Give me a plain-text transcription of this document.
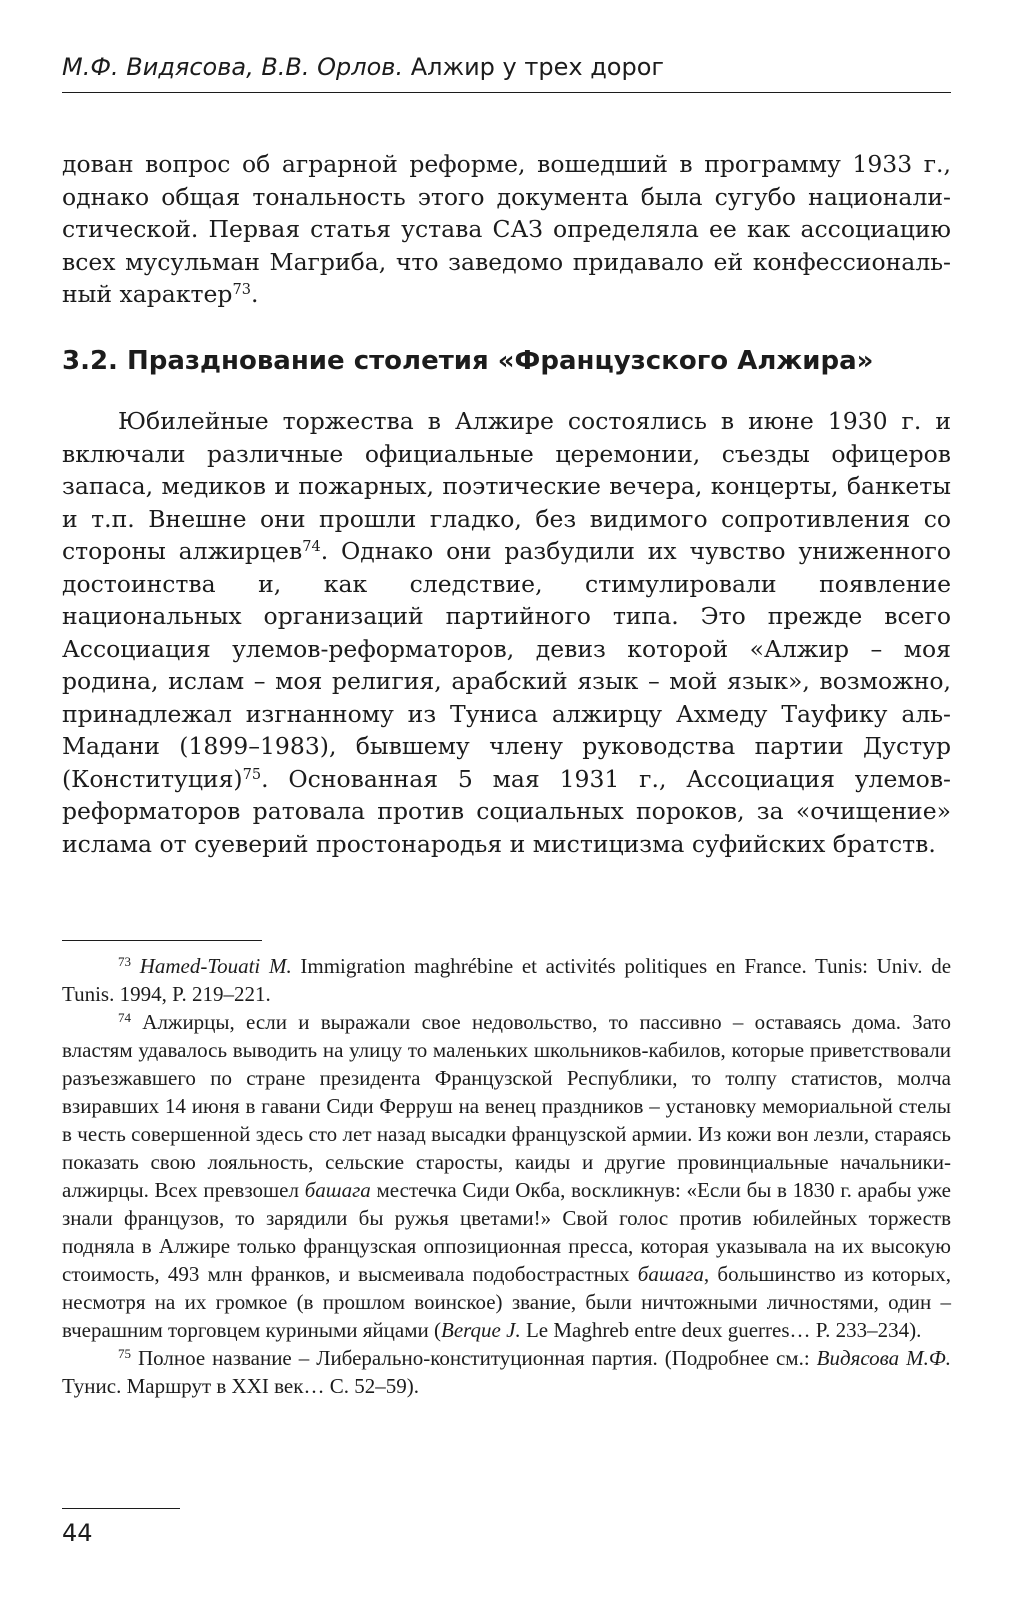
М.Ф. Видясова, В.В. Орлов. Алжир у трех дорог

дован вопрос об аграрной реформе, вошедший в программу 1933 г., однако общая тональность этого документа была сугубо националистической. Первая статья устава САЗ определяла ее как ассоциацию всех мусульман Магриба, что заведомо придавало ей конфессиональный характер$^{73}$.

3.2. Празднование столетия «Французского Алжира»

Юбилейные торжества в Алжире состоялись в июне 1930 г. и включали различные официальные церемонии, съезды офицеров запаса, медиков и пожарных, поэтические вечера, концерты, банкеты и т.п. Внешне они прошли гладко, без видимого сопротивления со стороны алжирцев$^{74}$. Однако они разбудили их чувство униженного достоинства и, как следствие, стимулировали появление национальных организаций партийного типа. Это прежде всего Ассоциация улемов-реформаторов, девиз которой «Алжир – моя родина, ислам – моя религия, арабский язык – мой язык», возможно, принадлежал изгнанному из Туниса алжирцу Ахмеду Тауфику аль-Мадани (1899–1983), бывшему члену руководства партии Дустур (Конституция)$^{75}$. Основанная 5 мая 1931 г., Ассоциация улемов-реформаторов ратовала против социальных пороков, за «очищение» ислама от суеверий простонародья и мистицизма суфийских братств.

$^{73}$ Hamed-Touati M. Immigration maghrébine et activités politiques en France. Tunis: Univ. de Tunis. 1994, P. 219–221.

$^{74}$ Алжирцы, если и выражали свое недовольство, то пассивно – оставаясь дома. Зато властям удавалось выводить на улицу то маленьких школьников-кабилов, которые приветствовали разъезжавшего по стране президента Французской Республики, то толпу статистов, молча взиравших 14 июня в гавани Сиди Ферруш на венец праздников – установку мемориальной стелы в честь совершенной здесь сто лет назад высадки французской армии. Из кожи вон лезли, стараясь показать свою лояльность, сельские старосты, каиды и другие провинциальные начальники-алжирцы. Всех превзошел башага местечка Сиди Окба, воскликнув: «Если бы в 1830 г. арабы уже знали французов, то зарядили бы ружья цветами!» Свой голос против юбилейных торжеств подняла в Алжире только французская оппозиционная пресса, которая указывала на их высокую стоимость, 493 млн франков, и высмеивала подобострастных башага, большинство из которых, несмотря на их громкое (в прошлом воинское) звание, были ничтожными личностями, один – вчерашним торговцем куриными яйцами (Berque J. Le Maghreb entre deux guerres… P. 233–234).

$^{75}$ Полное название – Либерально-конституционная партия. (Подробнее см.: Видясова М.Ф. Тунис. Маршрут в XXI век… С. 52–59).

44
